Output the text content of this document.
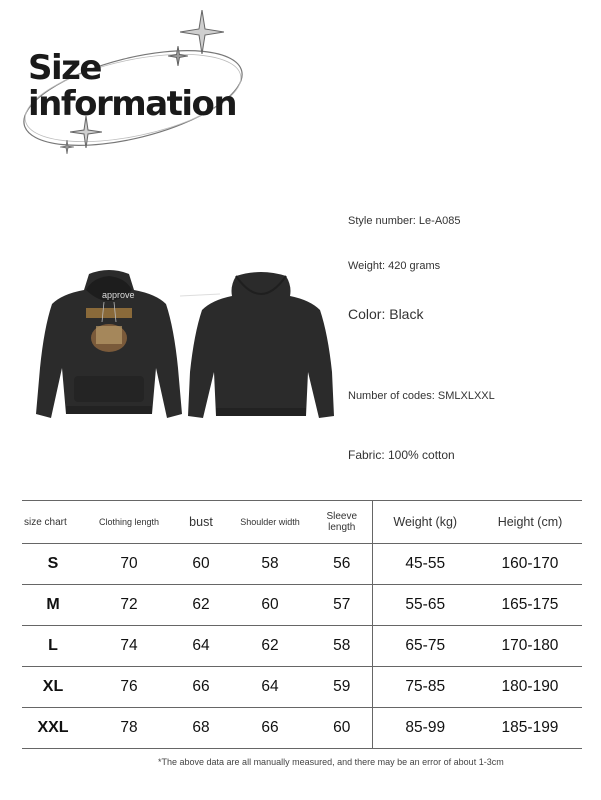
Size
information
approve
Style number: Le-A085
Weight: 420 grams
Color: Black
Number of codes: SMLXLXXL
Fabric: 100% cotton
size chart	Clothing length	bust	Shoulder width	Sleeve length	Weight (kg)	Height (cm)
S	70	60	58	56	45-55	160-170
M	72	62	60	57	55-65	165-175
L	74	64	62	58	65-75	170-180
XL	76	66	64	59	75-85	180-190
XXL	78	68	66	60	85-99	185-199
*The above data are all manually measured, and there may be an error of about 1-3cm
